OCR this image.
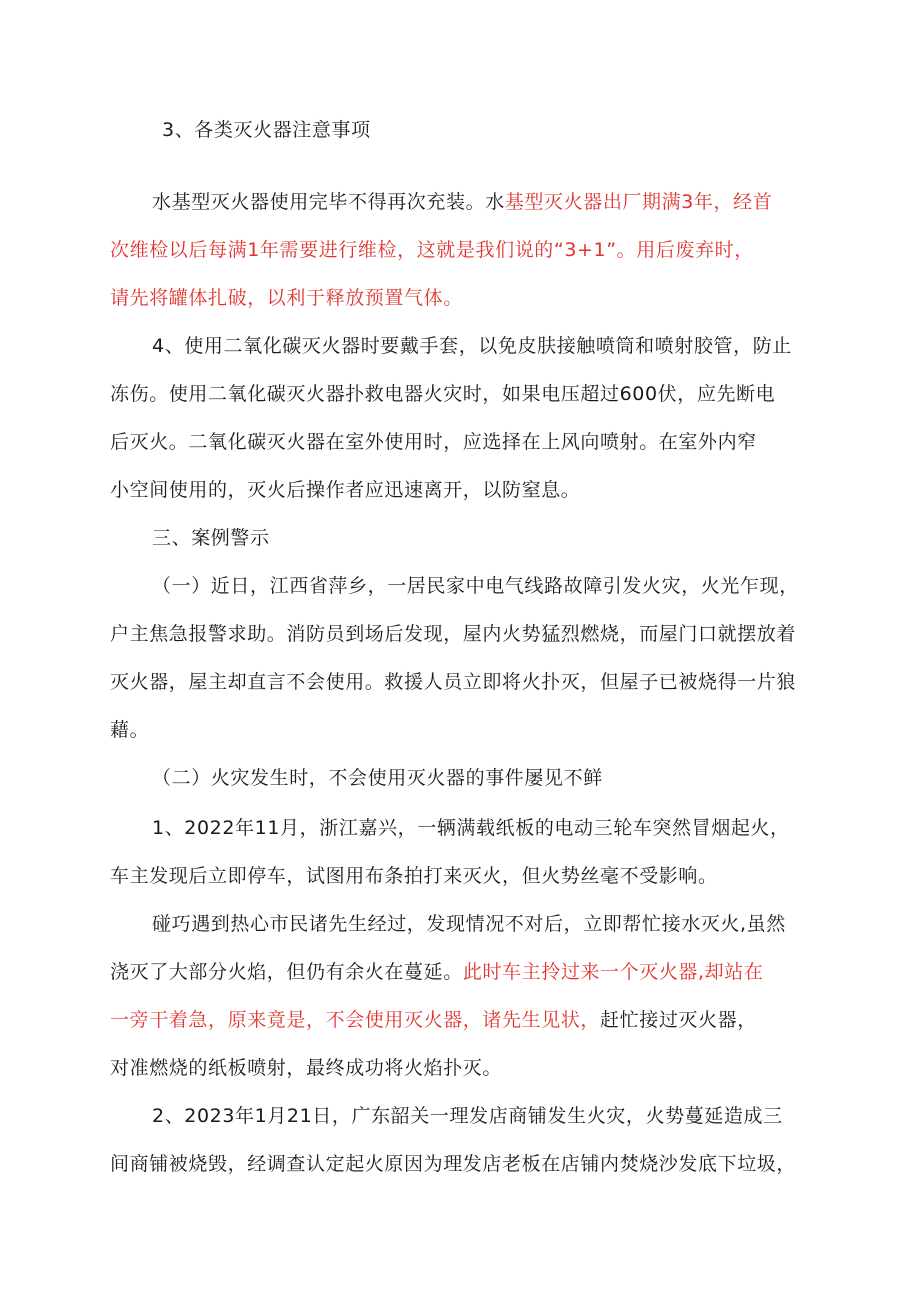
3、各类灭火器注意事项
水基型灭火器使用完毕不得再次充装。水基型灭火器出厂期满3年，经首
次维检以后每满1年需要进行维检，这就是我们说的“3+1”。用后废弃时，
请先将罐体扎破，以利于释放预置气体。
4、使用二氧化碳灭火器时要戴手套，以免皮肤接触喷筒和喷射胶管，防止
冻伤。使用二氧化碳灭火器扑救电器火灾时，如果电压超过600伏，应先断电
后灭火。二氧化碳灭火器在室外使用时，应选择在上风向喷射。在室外内窄
小空间使用的，灭火后操作者应迅速离开，以防窒息。
三、案例警示
（一）近日，江西省萍乡，一居民家中电气线路故障引发火灾，火光乍现，
户主焦急报警求助。消防员到场后发现，屋内火势猛烈燃烧，而屋门口就摆放着
灭火器，屋主却直言不会使用。救援人员立即将火扑灭，但屋子已被烧得一片狼
藉。
（二）火灾发生时，不会使用灭火器的事件屡见不鲜
1、2022年11月，浙江嘉兴，一辆满载纸板的电动三轮车突然冒烟起火，
车主发现后立即停车，试图用布条拍打来灭火，但火势丝毫不受影响。
碰巧遇到热心市民诸先生经过，发现情况不对后，立即帮忙接水灭火,虽然
浇灭了大部分火焰，但仍有余火在蔓延。此时车主拎过来一个灭火器,却站在
一旁干着急，原来竟是，不会使用灭火器，诸先生见状，赶忙接过灭火器，
对准燃烧的纸板喷射，最终成功将火焰扑灭。
2、2023年1月21日，广东韶关一理发店商铺发生火灾，火势蔓延造成三
间商铺被烧毁，经调查认定起火原因为理发店老板在店铺内焚烧沙发底下垃圾，
